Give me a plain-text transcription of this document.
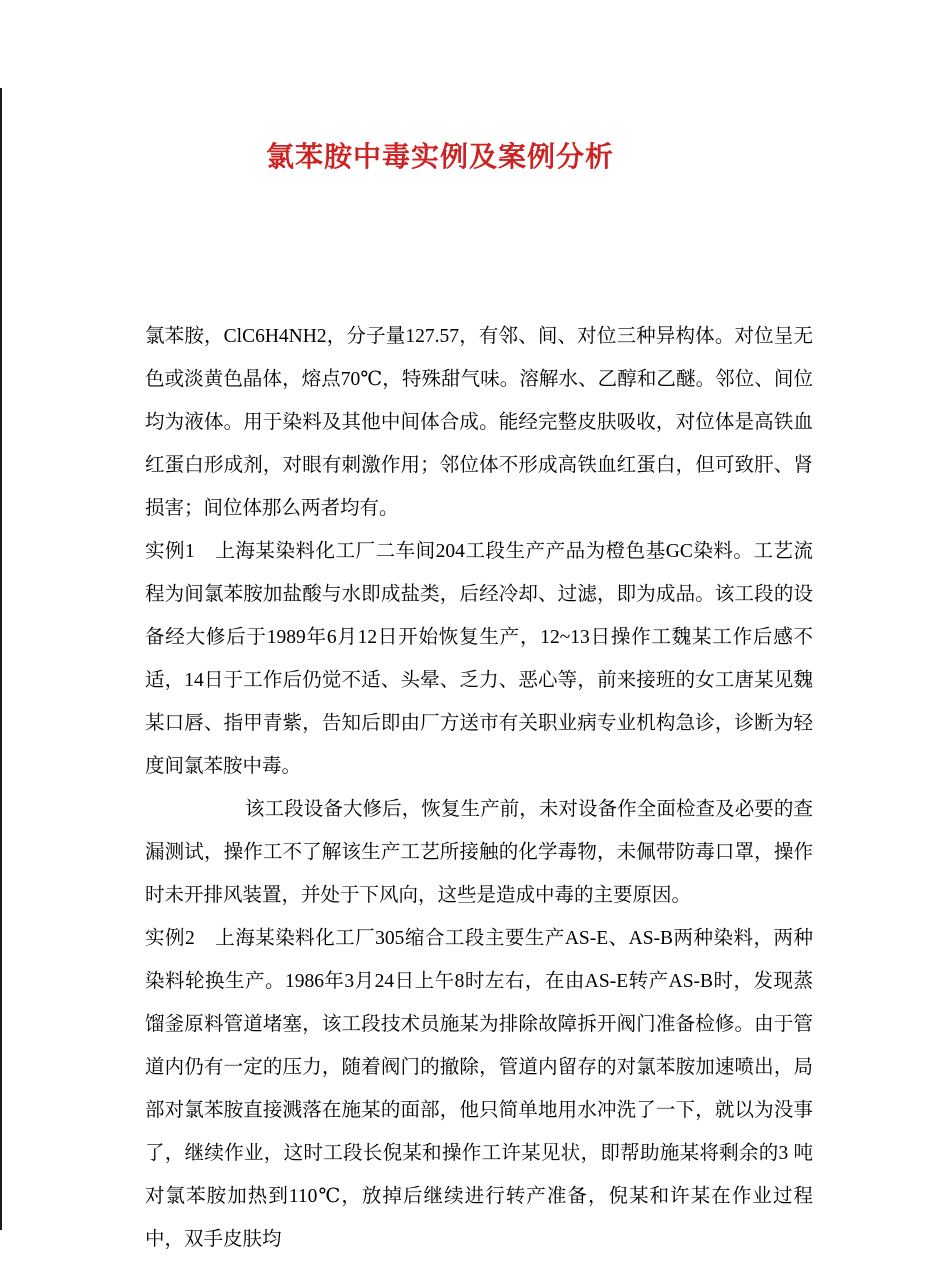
氯苯胺中毒实例及案例分析

氯苯胺，ClC6H4NH2，分子量127.57，有邻、间、对位三种异构体。对位呈无色或淡黄色晶体，熔点70℃，特殊甜气味。溶解水、乙醇和乙醚。邻位、间位均为液体。用于染料及其他中间体合成。能经完整皮肤吸收，对位体是高铁血红蛋白形成剂，对眼有刺激作用；邻位体不形成高铁血红蛋白，但可致肝、肾损害；间位体那么两者均有。

实例1　上海某染料化工厂二车间204工段生产产品为橙色基GC染料。工艺流程为间氯苯胺加盐酸与水即成盐类，后经冷却、过滤，即为成品。该工段的设备经大修后于1989年6月12日开始恢复生产，12~13日操作工魏某工作后感不适，14日于工作后仍觉不适、头晕、乏力、恶心等，前来接班的女工唐某见魏某口唇、指甲青紫，告知后即由厂方送市有关职业病专业机构急诊，诊断为轻度间氯苯胺中毒。

该工段设备大修后，恢复生产前，未对设备作全面检查及必要的查漏测试，操作工不了解该生产工艺所接触的化学毒物，未佩带防毒口罩，操作时未开排风装置，并处于下风向，这些是造成中毒的主要原因。

实例2　上海某染料化工厂305缩合工段主要生产AS-E、AS-B两种染料，两种染料轮换生产。1986年3月24日上午8时左右，在由AS-E转产AS-B时，发现蒸馏釜原料管道堵塞，该工段技术员施某为排除故障拆开阀门准备检修。由于管道内仍有一定的压力，随着阀门的撤除，管道内留存的对氯苯胺加速喷出，局部对氯苯胺直接溅落在施某的面部，他只简单地用水冲洗了一下，就以为没事了，继续作业，这时工段长倪某和操作工许某见状，即帮助施某将剩余的3 吨对氯苯胺加热到110℃，放掉后继续进行转产准备，倪某和许某在作业过程中，双手皮肤均
